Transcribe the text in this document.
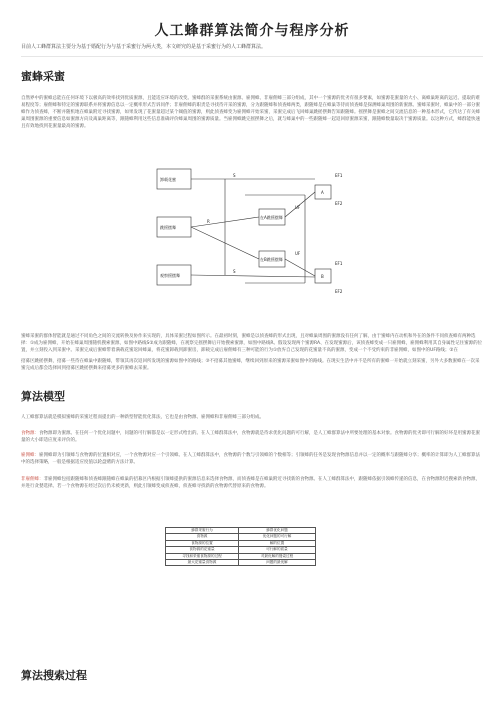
人工蜂群算法简介与程序分析
目前人工蜂群算法主要分为基于婚配行为与基于采蜜行为两大类，本文研究的是基于采蜜行为的人工蜂群算法。
蜜蜂采蜜
自然界中的蜜蜂总能在任何环境下以极高的效率找到优质蜜源，且能适应环境的改变。蜜蜂群的采蜜系统由蜜源、雇佣蜂、非雇佣蜂三部分组成，其中一个蜜源的优劣有很多要素，如蜜源花蜜量的大小、离蜂巢距离的远近、提取的难易程度等；雇佣蜂和特定的蜜源联系并将蜜源信息以一定概率形式告诉同伴；非雇佣蜂的职责是寻找待开采的蜜源，分为跟随蜂和侦查蜂两类，跟随蜂是在蜂巢等待而侦查蜂是探测蜂巢周围的新蜜源。蜜蜂采蜜时，蜂巢中的一部分蜜蜂作为侦查蜂，不断并随机地在蜂巢附近寻找蜜源，如果发现了花蜜量超过某个阈值的蜜源，则此侦查蜂变为雇佣蜂开始采蜜，采蜜完成后飞回蜂巢跳摇摆舞告知跟随蜂。摇摆舞是蜜蜂之间交流信息的一种基本形式，它传达了有关蜂巢周围蜜源的重要信息如蜜源方向及离巢距离等，跟随蜂利用这些信息准确评价蜂巢周围的蜜源质量。当雇佣蜂跳完摇摆舞之后，就与蜂巢中的一些跟随蜂一起返回原蜜源采蜜，跟随蜂数量取决于蜜源质量。以这种方式，蜂群能快速且有效地找到花蜜量最高的蜜源。
卸载花蜜
跳摇摆舞
观察摇摆舞
在A跳摇摆舞
在B跳摇摆舞
A
B
S
S
R
EF1
EF2
EF1
EF2
UF
UF
蜜蜂采蜜的群体智能就是通过不同角色之间的交流转换及协作来实现的，具体采蜜过程如图所示。在最初时刻，蜜蜂是以侦查蜂的形式出现，且对蜂巢周围的蜜源没有任何了解，由于蜜蜂内在动机和外在的条件不同侦查蜂有两种选择：①成为雇佣蜂，开始在蜂巢周围随机搜索蜜源，如图中路线S②成为跟随蜂，在观察完摇摆舞后开始搜索蜜源，如图中路线R。假设发现两个蜜源RA、在发现蜜源后，该侦查蜂变成一只雇佣蜂，雇佣蜂利用其自身属性记住蜜源的位置，并立刻投入到采蜜中。采蜜完成后蜜蜂带着满载花蜜返回蜂巢，将花蜜卸载到卸蜜房，卸载完成后雇佣蜂有三种可能的行为①放弃自己发现的花蜜量不高的蜜源，变成一个不受约束的非雇佣蜂，如图中的UF路线；②在
招募区跳摇摆舞，招募一些待在蜂巢中跟随蜂，带领其再次返回所发现的蜜源如图中的路线；③不招募其他蜜蜂，继续回到原来的蜜源采蜜如图中的路线。在现实生活中并不是所有的蜜蜂一开始就立刻采蜜，另外大多数蜜蜂在一次采蜜完成后都会选择回到招募区跳摇摆舞来招募更多的蜜蜂去采蜜。
算法模型
人工蜂群算法就是模拟蜜蜂的采蜜过程而提出的一种新型智能优化算法，它也是由食物源、雇佣蜂和非雇佣蜂三部分组成。
食物源：食物源即为蜜源。在任何一个优化问题中，问题的可行解都是以一定形式给出的。在人工蜂群算法中，食物源就是待求优化问题的可行解，是人工蜂群算法中所要处理的基本对象。食物源的优劣即可行解的好坏是用蜜源花蜜量的大小即适应度来评价的。
雇佣蜂：雇佣蜂即为引领蜂与食物源的位置相对应，一个食物源对应一个引领蜂。在人工蜂群算法中，食物源的个数与引领蜂的个数相等；引领蜂的任务是发现食物源信息并以一定的概率与跟随蜂分享；概率的计算即为人工蜂群算法中的选择策略，一般是根据适应度值以轮盘赌的方法计算。
非雇佣蜂：非雇佣蜂包括跟随蜂和侦查蜂跟随蜂在蜂巢的招募区内根据引领蜂提供的蜜源信息来选择食物源，而侦查蜂是在蜂巢附近寻找新的食物源。在人工蜂群算法中，跟随蜂依据引领蜂传递的信息，在食物源附近搜索新食物源，并进行贪婪选择。若一个食物源在经过次后仍未被更新，则此引领蜂变成侦查蜂，侦查蜂寻找新的食物源代替原来的食物源。
蜂群采蜜行为	蜂群优化问题
食物源	优化问题的可行解
食物源的位置	解的位置
食物源的花蜜量	可行解的质量
寻找和采蜜食物源的过程	对最优解的搜索过程
最大花蜜量食物源	问题的最优解
算法搜索过程
